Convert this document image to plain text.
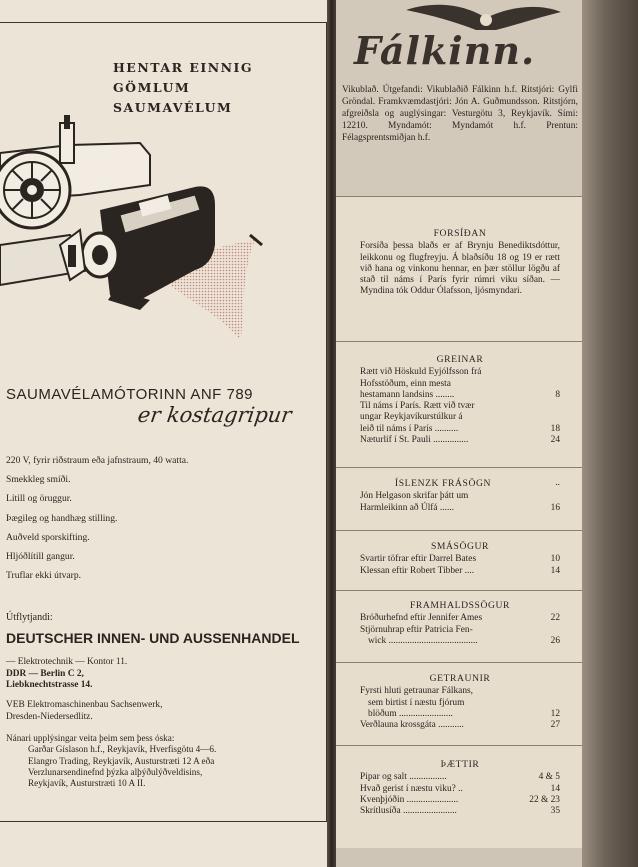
HENTAR EINNIG
GÖMLUM
SAUMAVÉLUM
SAUMAVÉLAMÓTORINN ANF 789
er kostagripur
220 V, fyrir riðstraum eða jafnstraum, 40 watta.
Smekkleg smíði.
Lítill og öruggur.
Þægileg og handhæg stilling.
Auðveld sporskifting.
Hljóðlítill gangur.
Truflar ekki útvarp.
Útflytjandi:
DEUTSCHER INNEN- UND AUSSENHANDEL
— Elektrotechnik — Kontor 11.
DDR — Berlin C 2,
Liebknechtstrasse 14.
VEB Elektromaschinenbau Sachsenwerk,
Dresden-Niedersedlitz.
Nánari upplýsingar veita þeim sem þess óska:
Garðar Gíslason h.f., Reykjavík, Hverfisgötu 4—6.
Elangro Trading, Reykjavík, Austurstræti 12 A eða
Verzlunarsendinefnd þýzka alþýðulýðveldisins,
Reykjavík, Austurstræti 10 A II.
Fálkinn.
Vikublað. Útgefandi: Vikublaðið Fálkinn h.f. Ritstjóri: Gylfi Gröndal. Framkvæmdastjóri: Jón A. Guðmundsson. Ritstjórn, afgreiðsla og auglýsingar: Vesturgötu 3, Reykjavík. Sími: 12210. Myndamót: Myndamót h.f. Prentun: Félagsprentsmiðjan h.f.
FORSÍÐAN
Forsíða þessa blaðs er af Brynju Benediktsdóttur, leikkonu og flugfreyju. Á blaðsíðu 18 og 19 er rætt við hana og vinkonu hennar, en þær stöllur lögðu af stað til náms í París fyrir rúmri viku síðan. — Myndina tók Oddur Ólafsson, ljósmyndari.
GREINAR
Rætt við Höskuld Eyjólfsson frá
Hofsstöðum, einn mesta
hestamann landsins ........	8
Til náms í París. Rætt við tvær
ungar Reykjavíkurstúlkur á
leið til náms í París ..........	18
Næturlíf í St. Pauli ...............	24
ÍSLENZK FRÁSÖGN	..
Jón Helgason skrifar þátt um
Harmleikinn að Úlfá ......	16
SMÁSÖGUR
Svartir töfrar eftir Darrel Bates	10
Klessan eftir Robert Tibber ....	14
FRAMHALDSSÖGUR
Bróðurhefnd eftir Jennifer Ames	22
Stjörnuhrap eftir Patricia Fen-
wick ......................................	26
GETRAUNIR
Fyrsti hluti getraunar Fálkans,
sem birtist í næstu fjórum
blöðum .......................	12
Verðlauna krossgáta ...........	27
ÞÆTTIR
Pipar og salt ................	4 & 5
Hvað gerist í næstu viku? ..	14
Kvenþjóðin ......................	22 & 23
Skrítlusíða .......................	35
